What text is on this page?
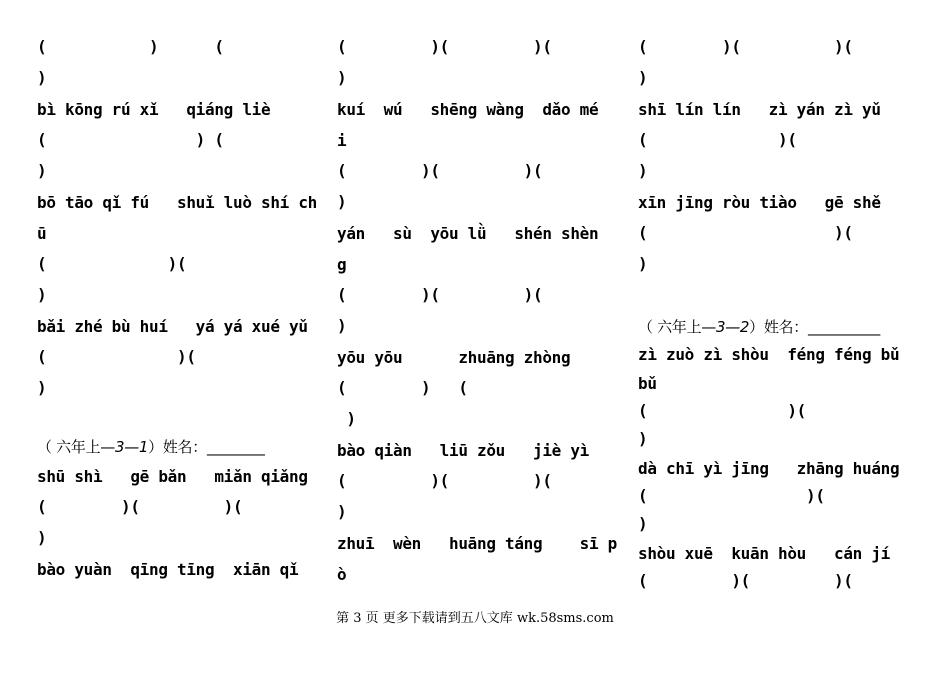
(           )      (
)
bì kōng rú xǐ   qiáng liè
(                ) (
)
bō tāo qǐ fú   shuǐ luò shí ch
ū
(             )(
)
bǎi zhé bù huí   yá yá xué yǔ
(              )(
)
（ 六年上—3—1）姓名：________
shū shì   gē bǎn   miǎn qiǎng
(        )(         )(
)
bào yuàn  qīng tīng  xiān qǐ
(         )(         )(
)
kuí  wú   shēng wàng  dǎo mé
i
(        )(         )(
)
yán   sù  yōu lǜ   shén shèn
g
(        )(         )(
)
yōu yōu      zhuāng zhòng
(        )   (
)
bào qiàn   liū zǒu   jiè yì
(         )(         )(
)
zhuī  wèn   huāng táng    sī p
ò
(        )(          )(
)
shī lín lín   zì yán zì yǔ
(              )(
)
xīn jīng ròu tiào   gē shě
(                    )(
)
（ 六年上—3—2）姓名：__________
zì zuò zì shòu  féng féng bǔ
bǔ
(               )(
)
dà chī yì jīng   zhāng huáng
(                 )(
)
shòu xuē  kuān hòu   cán jí
(         )(         )(
第 3 页 更多下载请到五八文库 wk.58sms.com
